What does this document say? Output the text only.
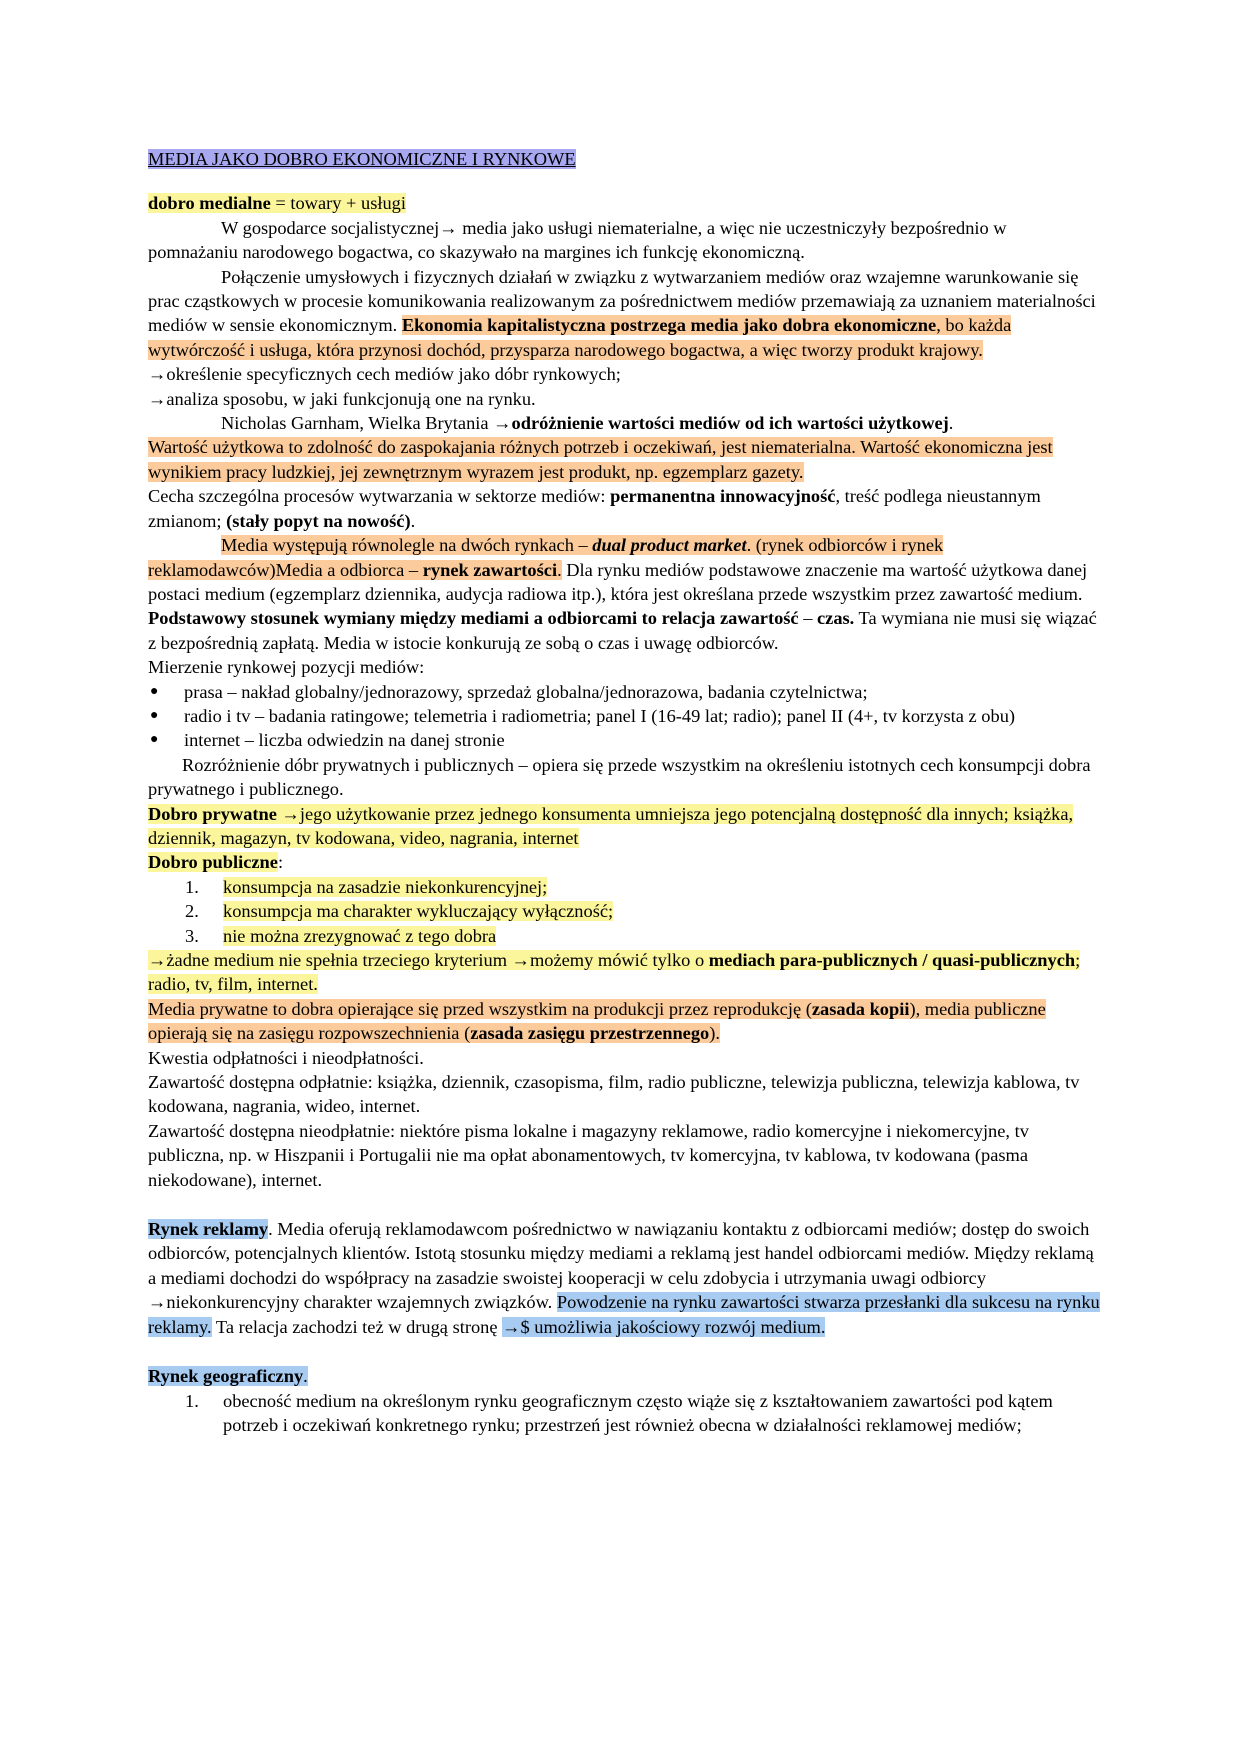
MEDIA JAKO DOBRO EKONOMICZNE I RYNKOWE

dobro medialne = towary + usługi

W gospodarce socjalistycznej→ media jako usługi niematerialne, a więc nie uczestniczyły bezpośrednio w pomnażaniu narodowego bogactwa, co skazywało na margines ich funkcję ekonomiczną.

Połączenie umysłowych i fizycznych działań w związku z wytwarzaniem mediów oraz wzajemne warunkowanie się prac cząstkowych w procesie komunikowania realizowanym za pośrednictwem mediów przemawiają za uznaniem materialności mediów w sensie ekonomicznym. Ekonomia kapitalistyczna postrzega media jako dobra ekonomiczne, bo każda wytwórczość i usługa, która przynosi dochód, przysparza narodowego bogactwa, a więc tworzy produkt krajowy.

→określenie specyficznych cech mediów jako dóbr rynkowych;

→analiza sposobu, w jaki funkcjonują one na rynku.

Nicholas Garnham, Wielka Brytania →odróżnienie wartości mediów od ich wartości użytkowej.

Wartość użytkowa to zdolność do zaspokajania różnych potrzeb i oczekiwań, jest niematerialna. Wartość ekonomiczna jest wynikiem pracy ludzkiej, jej zewnętrznym wyrazem jest produkt, np. egzemplarz gazety.

Cecha szczególna procesów wytwarzania w sektorze mediów: permanentna innowacyjność, treść podlega nieustannym zmianom; (stały popyt na nowość).

Media występują równolegle na dwóch rynkach – dual product market. (rynek odbiorców i rynek reklamodawców)Media a odbiorca – rynek zawartości. Dla rynku mediów podstawowe znaczenie ma wartość użytkowa danej postaci medium (egzemplarz dziennika, audycja radiowa itp.), która jest określana przede wszystkim przez zawartość medium. Podstawowy stosunek wymiany między mediami a odbiorcami to relacja zawartość – czas. Ta wymiana nie musi się wiązać z bezpośrednią zapłatą. Media w istocie konkurują ze sobą o czas i uwagę odbiorców.

Mierzenie rynkowej pozycji mediów:

● prasa – nakład globalny/jednorazowy, sprzedaż globalna/jednorazowa, badania czytelnictwa;
● radio i tv – badania ratingowe; telemetria i radiometria; panel I (16-49 lat; radio); panel II (4+, tv korzysta z obu)
● internet – liczba odwiedzin na danej stronie

Rozróżnienie dóbr prywatnych i publicznych – opiera się przede wszystkim na określeniu istotnych cech konsumpcji dobra prywatnego i publicznego.

Dobro prywatne →jego użytkowanie przez jednego konsumenta umniejsza jego potencjalną dostępność dla innych; książka, dziennik, magazyn, tv kodowana, video, nagrania, internet

Dobro publiczne:

1. konsumpcja na zasadzie niekonkurencyjnej;
2. konsumpcja ma charakter wykluczający wyłączność;
3. nie można zrezygnować z tego dobra

→żadne medium nie spełnia trzeciego kryterium →możemy mówić tylko o mediach para-publicznych / quasi-publicznych; radio, tv, film, internet.

Media prywatne to dobra opierające się przed wszystkim na produkcji przez reprodukcję (zasada kopii), media publiczne opierają się na zasięgu rozpowszechnienia (zasada zasięgu przestrzennego).

Kwestia odpłatności i nieodpłatności.

Zawartość dostępna odpłatnie: książka, dziennik, czasopisma, film, radio publiczne, telewizja publiczna, telewizja kablowa, tv kodowana, nagrania, wideo, internet.

Zawartość dostępna nieodpłatnie: niektóre pisma lokalne i magazyny reklamowe, radio komercyjne i niekomercyjne, tv publiczna, np. w Hiszpanii i Portugalii nie ma opłat abonamentowych, tv komercyjna, tv kablowa, tv kodowana (pasma niekodowane), internet.

Rynek reklamy. Media oferują reklamodawcom pośrednictwo w nawiązaniu kontaktu z odbiorcami mediów; dostęp do swoich odbiorców, potencjalnych klientów. Istotą stosunku między mediami a reklamą jest handel odbiorcami mediów. Między reklamą a mediami dochodzi do współpracy na zasadzie swoistej kooperacji w celu zdobycia i utrzymania uwagi odbiorcy →niekonkurencyjny charakter wzajemnych związków. Powodzenie na rynku zawartości stwarza przesłanki dla sukcesu na rynku reklamy. Ta relacja zachodzi też w drugą stronę →$ umożliwia jakościowy rozwój medium.

Rynek geograficzny.

1. obecność medium na określonym rynku geograficznym często wiąże się z kształtowaniem zawartości pod kątem potrzeb i oczekiwań konkretnego rynku; przestrzeń jest również obecna w działalności reklamowej mediów;
